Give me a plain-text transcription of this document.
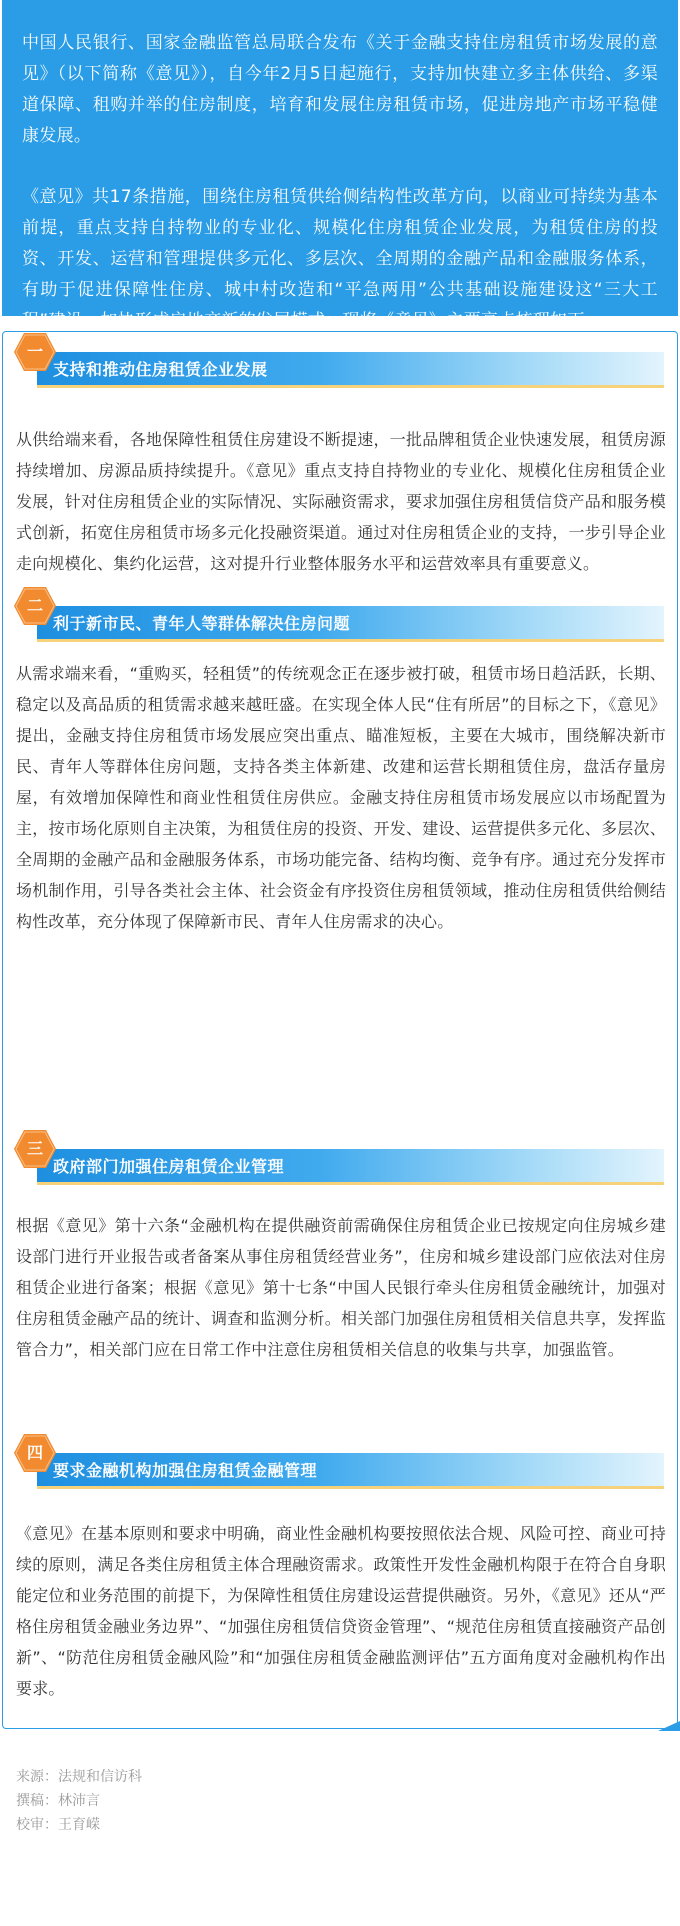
中国人民银行、国家金融监管总局联合发布《关于金融支持住房租赁市场发展的意见》（以下简称《意见》），自今年2月5日起施行，支持加快建立多主体供给、多渠道保障、租购并举的住房制度，培育和发展住房租赁市场，促进房地产市场平稳健康发展。

《意见》共17条措施，围绕住房租赁供给侧结构性改革方向，以商业可持续为基本前提，重点支持自持物业的专业化、规模化住房租赁企业发展，为租赁住房的投资、开发、运营和管理提供多元化、多层次、全周期的金融产品和金融服务体系，有助于促进保障性住房、城中村改造和“平急两用”公共基础设施建设这“三大工程”建设，加快形成房地产新的发展模式。现将《意见》主要亮点梳理如下：

一
支持和推动住房租赁企业发展
从供给端来看，各地保障性租赁住房建设不断提速，一批品牌租赁企业快速发展，租赁房源持续增加、房源品质持续提升。《意见》重点支持自持物业的专业化、规模化住房租赁企业发展，针对住房租赁企业的实际情况、实际融资需求，要求加强住房租赁信贷产品和服务模式创新，拓宽住房租赁市场多元化投融资渠道。通过对住房租赁企业的支持，一步引导企业走向规模化、集约化运营，这对提升行业整体服务水平和运营效率具有重要意义。
二
利于新市民、青年人等群体解决住房问题
从需求端来看，“重购买，轻租赁”的传统观念正在逐步被打破，租赁市场日趋活跃，长期、稳定以及高品质的租赁需求越来越旺盛。在实现全体人民“住有所居”的目标之下，《意见》提出，金融支持住房租赁市场发展应突出重点、瞄准短板，主要在大城市，围绕解决新市民、青年人等群体住房问题，支持各类主体新建、改建和运营长期租赁住房，盘活存量房屋，有效增加保障性和商业性租赁住房供应。金融支持住房租赁市场发展应以市场配置为主，按市场化原则自主决策，为租赁住房的投资、开发、建设、运营提供多元化、多层次、全周期的金融产品和金融服务体系，市场功能完备、结构均衡、竞争有序。通过充分发挥市场机制作用，引导各类社会主体、社会资金有序投资住房租赁领域，推动住房租赁供给侧结构性改革，充分体现了保障新市民、青年人住房需求的决心。
三
政府部门加强住房租赁企业管理
根据《意见》第十六条“金融机构在提供融资前需确保住房租赁企业已按规定向住房城乡建设部门进行开业报告或者备案从事住房租赁经营业务”，住房和城乡建设部门应依法对住房租赁企业进行备案；根据《意见》第十七条“中国人民银行牵头住房租赁金融统计，加强对住房租赁金融产品的统计、调查和监测分析。相关部门加强住房租赁相关信息共享，发挥监管合力”，相关部门应在日常工作中注意住房租赁相关信息的收集与共享，加强监管。
四
要求金融机构加强住房租赁金融管理
《意见》在基本原则和要求中明确，商业性金融机构要按照依法合规、风险可控、商业可持续的原则，满足各类住房租赁主体合理融资需求。政策性开发性金融机构限于在符合自身职能定位和业务范围的前提下，为保障性租赁住房建设运营提供融资。另外，《意见》还从“严格住房租赁金融业务边界”、“加强住房租赁信贷资金管理”、“规范住房租赁直接融资产品创新”、“防范住房租赁金融风险”和“加强住房租赁金融监测评估”五方面角度对金融机构作出要求。
来源：法规和信访科
撰稿：林沛言
校审：王育嵘
